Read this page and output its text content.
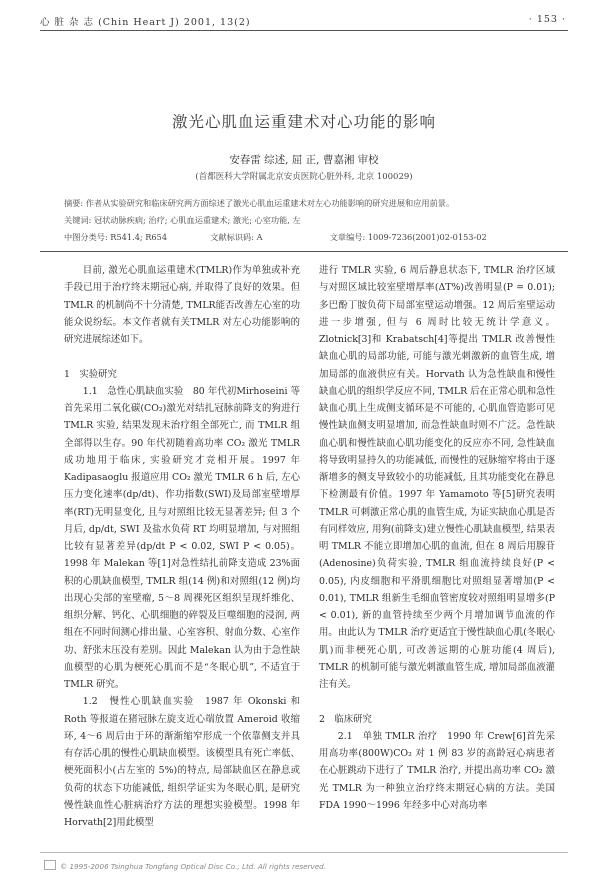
心 脏 杂 志 (Chin Heart J) 2001, 13(2)	· 153 ·
激光心肌血运重建术对心功能的影响
安春雷 综述, 屈 正, 曹嘉湘 审校
(首都医科大学附属北京安贞医院心脏外科, 北京 100029)
摘要: 作者从实验研究和临床研究两方面综述了激光心肌血运重建术对左心功能影响的研究进展和应用前景。
关键词: 冠状动脉疾病; 治疗; 心肌血运重建术; 激光; 心室功能, 左
中图分类号: R541.4; R654	文献标识码: A	文章编号: 1009-7236(2001)02-0153-02

目前, 激光心肌血运重建术(TMLR)作为单独或补充手段已用于治疗终末期冠心病, 并取得了良好的效果。但 TMLR 的机制尚不十分清楚, TMLR能否改善左心室的功能众说纷纭。本文作者就有关TMLR 对左心功能影响的研究进展综述如下。

1　实验研究

1.1　急性心肌缺血实验　80 年代初Mirhoseini 等首先采用二氧化碳(CO₂)激光对结扎冠脉前降支的狗进行 TMLR 实验, 结果发现未治疗组全部死亡, 而 TMLR 组全部得以生存。90 年代初随着高功率 CO₂ 激光 TMLR 成功地用于临床, 实验研究才竞相开展。1997 年 Kadipasaoglu 报道应用 CO₂ 激光 TMLR 6 h 后, 左心压力变化速率(dp/dt)、作功指数(SWI)及局部室壁增厚率(RT)无明显变化, 且与对照组比较无显著差异; 但 3 个月后, dp/dt, SWI 及盐水负荷 RT 均明显增加, 与对照组比较有显著差异(dp/dt P < 0.02, SWI P < 0.05)。1998 年 Malekan 等[1]对急性结扎前降支造成 23%面积的心肌缺血模型, TMLR 组(14 例)和对照组(12 例)均出现心尖部的室壁瘤, 5～8 周裸死区组织呈现纤维化、组织分解、钙化、心肌细胞的碎裂及巨噬细胞的浸润, 两组在不同时间测心排出量、心室容积、射血分数、心室作功、舒张末压没有差别。因此 Malekan 认为由于急性缺血模型的心肌为梗死心肌而不是“冬眠心肌”, 不适宜于 TMLR 研究。

1.2　慢性心肌缺血实验　1987 年 Okonski 和 Roth 等报道在猪冠脉左旋支近心端放置 Ameroid 收缩环, 4～6 周后由于环的渐渐缩窄形成一个依靠侧支并具有存活心肌的慢性心肌缺血模型。该模型具有死亡率低、梗死面积小(占左室的 5%)的特点, 局部缺血区在静息或负荷的状态下功能减低, 组织学证实为冬眠心肌, 是研究慢性缺血性心脏病治疗方法的理想实验模型。1998 年 Horvath[2]用此模型

进行 TMLR 实验, 6 周后静息状态下, TMLR 治疗区域与对照区域比较室壁增厚率(ΔT%)改善明显(P = 0.01); 多巴酚丁胺负荷下局部室壁运动增强。12 周后室壁运动进一步增强, 但与 6 周时比较无统计学意义。Zlotnick[3]和 Krabatsch[4]等提出 TMLR 改善慢性缺血心肌的局部功能, 可能与激光刺激新的血管生成, 增加局部的血液供应有关。Horvath 认为急性缺血和慢性缺血心肌的组织学反应不同, TMLR 后在正常心肌和急性缺血心肌上生成侧支循环是不可能的, 心肌血管造影可见慢性缺血侧支明显增加, 而急性缺血时则不广泛。急性缺血心肌和慢性缺血心肌功能变化的反应亦不同, 急性缺血将导致明显持久的功能减低, 而慢性的冠脉缩窄将由于逐渐增多的侧支导致较小的功能减低, 且其功能变化在静息下检测最有价值。1997 年 Yamamoto 等[5]研究表明 TMLR 可刺激正常心肌的血管生成, 为证实缺血心肌是否有同样效应, 用狗(前降支)建立慢性心肌缺血模型, 结果表明 TMLR 不能立即增加心肌的血流, 但在 8 周后用腺苷(Adenosine)负荷实验, TMLR 组血流持续良好(P < 0.05), 内皮细胞和平滑肌细胞比对照组显著增加(P < 0.01), TMLR 组新生毛细血管密度较对照组明显增多(P < 0.01), 新的血管持续至少两个月增加调节血流的作用。由此认为 TMLR 治疗更适宜于慢性缺血心肌(冬眠心肌)而非梗死心肌, 可改善远期的心脏功能(4 周后), TMLR 的机制可能与激光刺激血管生成, 增加局部血液灌注有关。

2　临床研究

2.1　单独 TMLR 治疗　1990 年 Crew[6]首先采用高功率(800W)CO₂ 对 1 例 83 岁的高龄冠心病患者在心脏跳动下进行了 TMLR 治疗, 并提出高功率 CO₂ 激光 TMLR 为一种独立治疗终末期冠心病的方法。美国 FDA 1990～1996 年经多中心对高功率

© 1995-2006 Tsinghua Tongfang Optical Disc Co., Ltd. All rights reserved.
